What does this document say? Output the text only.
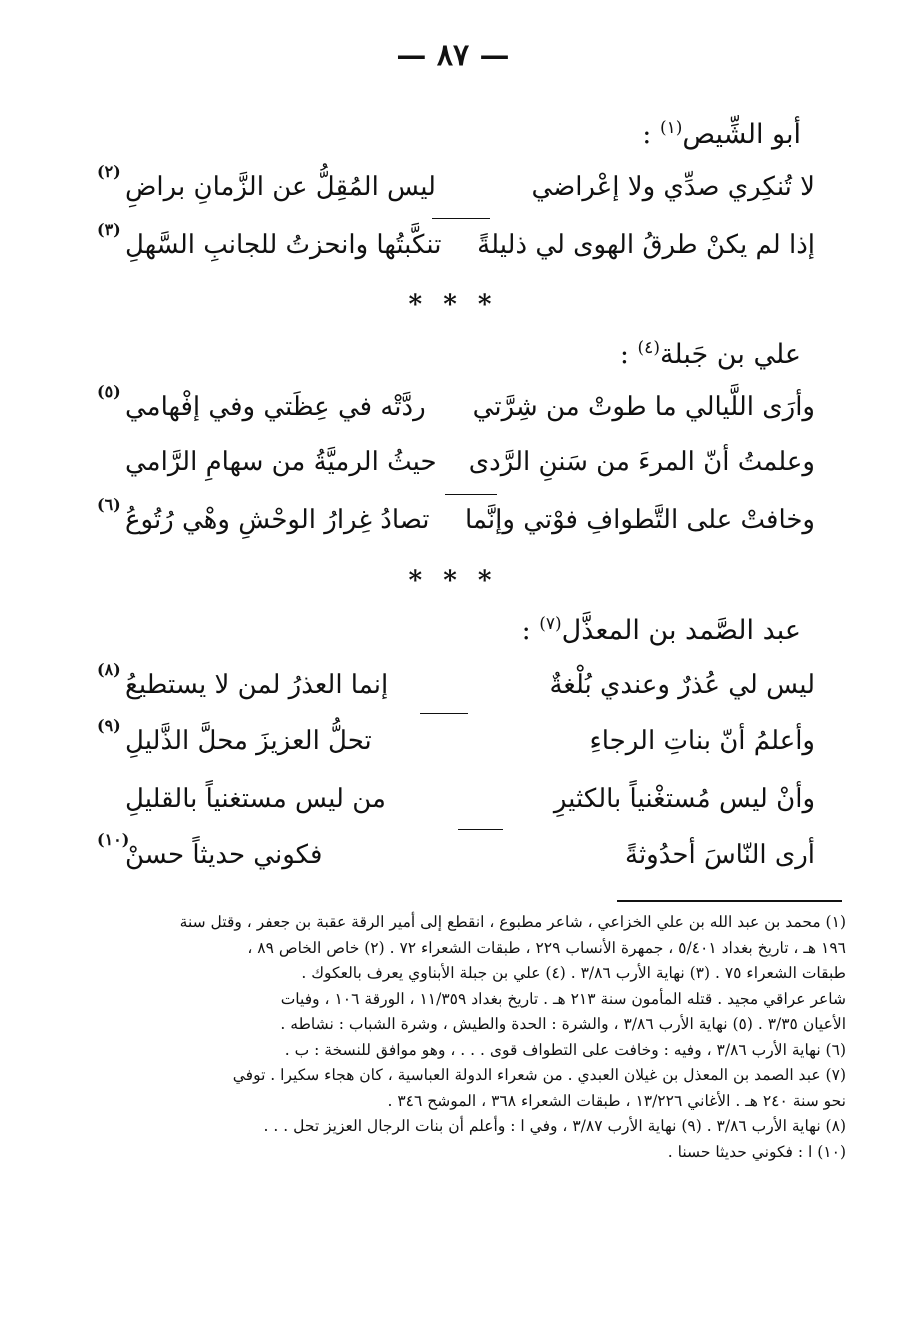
— ٨٧ —
أبو الشِّيص$^{(١)}$ :
لا تُنكِري صدِّي ولا إعْراضي
ليس المُقِلُّ عن الزَّمانِ براضِ
(٢)
إذا لم يكنْ طرقُ الهوى لي ذليلةً
تنكَّبتُها وانحزتُ للجانبِ السَّهلِ
(٣)
* * *
علي بن جَبلة$^{(٤)}$ :
وأرَى اللَّيالي ما طوتْ من شِرَّتي
ردَّتْه في عِظَتي وفي إفْهامي
(٥)
وعلمتُ أنّ المرءَ من سَننِ الرَّدى
حيثُ الرميَّةُ من سهامِ الرَّامي
وخافتْ على التَّطوافِ فوْتي وإنَّما
تصادُ غِرارُ الوحْشِ وهْي رُتُوعُ
(٦)
* * *
عبد الصَّمد بن المعذَّل$^{(٧)}$ :
ليس لي عُذرٌ وعندي بُلْغةٌ
إنما العذرُ لمن لا يستطيعُ
(٨)
وأعلمُ أنّ بناتِ الرجاءِ
تحلُّ العزيزَ محلَّ الذَّليلِ
(٩)
وأنْ ليس مُستغْنياً بالكثيرِ
من ليس مستغنياً بالقليلِ
أرى النّاسَ أحدُوثةً
فكوني حديثاً حسنْ
(١٠)

(١) محمد بن عبد الله بن علي الخزاعي ، شاعر مطبوع ، انقطع إلى أمير الرقة عقبة بن جعفر ، وقتل سنة

١٩٦ هـ ، تاريخ بغداد ٥/٤٠١ ، جمهرة الأنساب ٢٢٩ ، طبقات الشعراء ٧٢ . (٢) خاص الخاص ٨٩ ،

طبقات الشعراء ٧٥ . (٣) نهاية الأرب ٣/٨٦ . (٤) علي بن جبلة الأبناوي يعرف بالعكوك .

شاعر عراقي مجيد . قتله المأمون سنة ٢١٣ هـ . تاريخ بغداد ١١/٣٥٩ ، الورقة ١٠٦ ، وفيات

الأعيان ٣/٣٥ . (٥) نهاية الأرب ٣/٨٦ ، والشرة : الحدة والطيش ، وشرة الشباب : نشاطه .

(٦) نهاية الأرب ٣/٨٦ ، وفيه : وخافت على التطواف قوى . . . ، وهو موافق للنسخة : ب .

(٧) عبد الصمد بن المعذل بن غيلان العبدي . من شعراء الدولة العباسية ، كان هجاء سكيرا . توفي

نحو سنة ٢٤٠ هـ . الأغاني ١٣/٢٢٦ ، طبقات الشعراء ٣٦٨ ، الموشح ٣٤٦ .

(٨) نهاية الأرب ٣/٨٦ . (٩) نهاية الأرب ٣/٨٧ ، وفي ا : وأعلم أن بنات الرجال العزيز تحل . . .

(١٠) ا : فكوني حديثا حسنا .
